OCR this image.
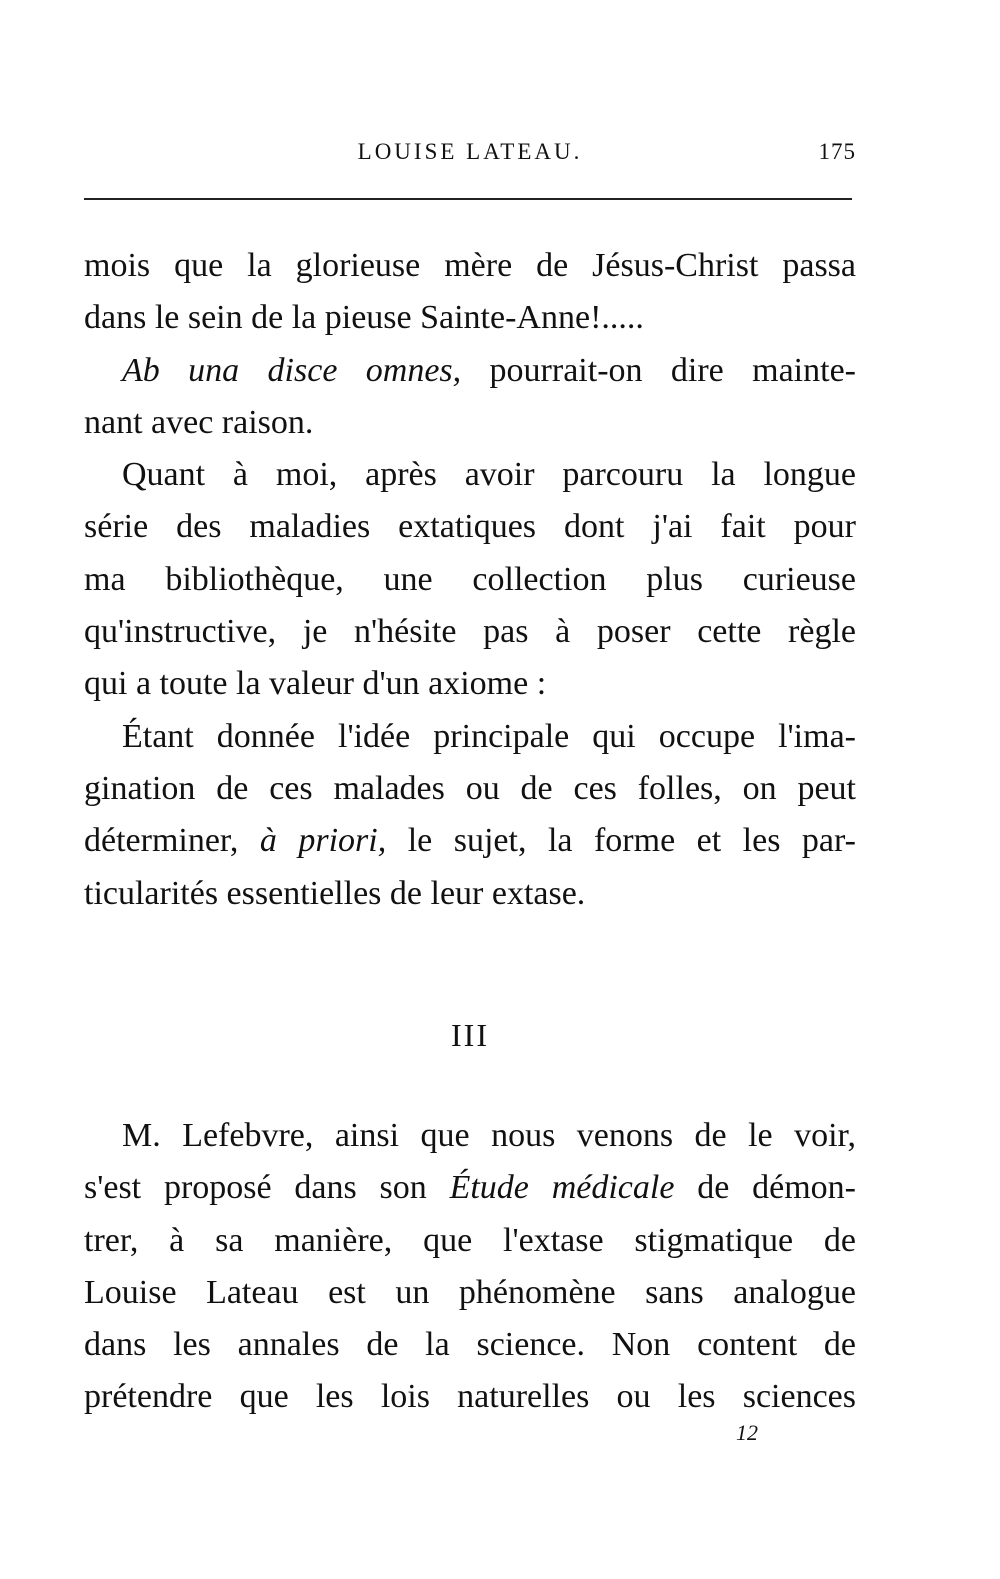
LOUISE LATEAU.	175
mois que la glorieuse mère de Jésus-Christ passa
dans le sein de la pieuse Sainte-Anne!.....
Ab una disce omnes, pourrait-on dire mainte-
nant avec raison.
Quant à moi, après avoir parcouru la longue
série des maladies extatiques dont j'ai fait pour
ma bibliothèque, une collection plus curieuse
qu'instructive, je n'hésite pas à poser cette règle
qui a toute la valeur d'un axiome :
Étant donnée l'idée principale qui occupe l'ima-
gination de ces malades ou de ces folles, on peut
déterminer, à priori, le sujet, la forme et les par-
ticularités essentielles de leur extase.
III
M. Lefebvre, ainsi que nous venons de le voir,
s'est proposé dans son Étude médicale de démon-
trer, à sa manière, que l'extase stigmatique de
Louise Lateau est un phénomène sans analogue
dans les annales de la science. Non content de
prétendre que les lois naturelles ou les sciences
12
